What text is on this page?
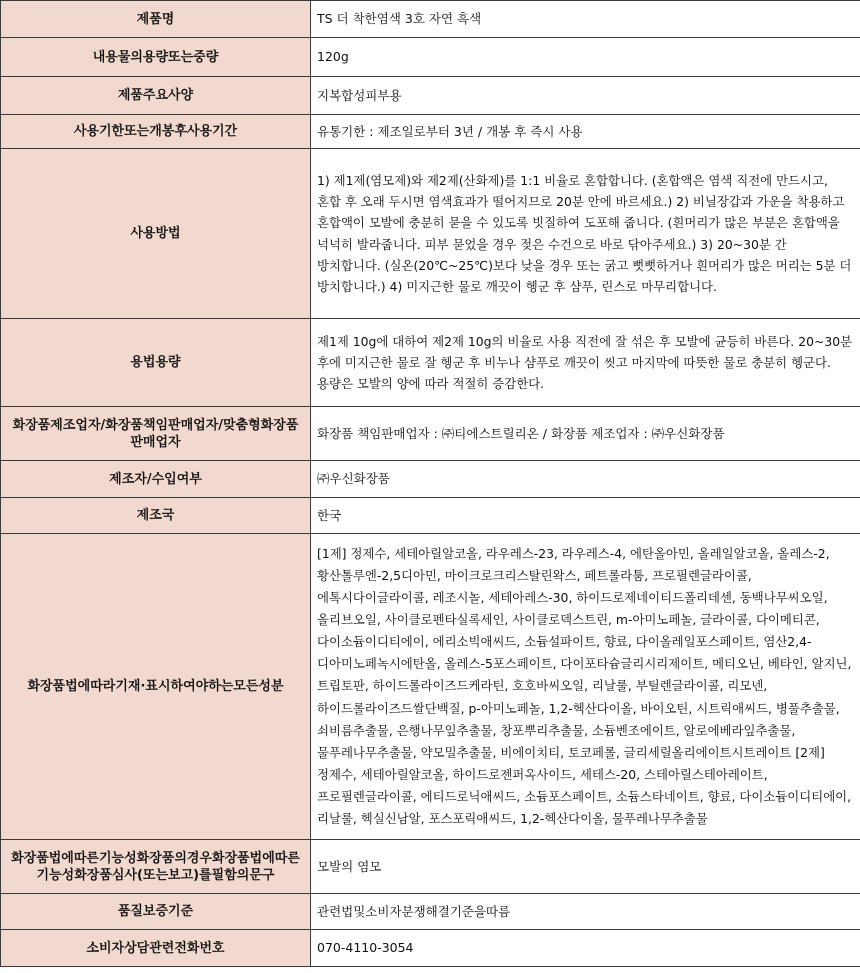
제품명	TS 더 착한염색 3호 자연 흑색
내용물의용량또는중량	120g
제품주요사양	지복합성피부용
사용기한또는개봉후사용기간	유통기한 : 제조일로부터 3년 / 개봉 후 즉시 사용
사용방법	1) 제1제(염모제)와 제2제(산화제)를 1:1 비율로 혼합합니다. (혼합액은 염색 직전에 만드시고, 혼합 후 오래 두시면 염색효과가 떨어지므로 20분 안에 바르세요.) 2) 비닐장갑과 가운을 착용하고 혼합액이 모발에 충분히 묻을 수 있도록 빗질하여 도포해 줍니다. (흰머리가 많은 부분은 혼합액을 넉넉히 발라줍니다. 피부 묻었을 경우 젖은 수건으로 바로 닦아주세요.) 3) 20~30분 간 방치합니다. (실온(20℃~25℃)보다 낮을 경우 또는 굵고 뻣뻣하거나 흰머리가 많은 머리는 5분 더 방치합니다.) 4) 미지근한 물로 깨끗이 헹군 후 샴푸, 린스로 마무리합니다.
용법용량	제1제 10g에 대하여 제2제 10g의 비율로 사용 직전에 잘 섞은 후 모발에 균등히 바른다. 20~30분 후에 미지근한 물로 잘 헹군 후 비누나 샴푸로 깨끗이 씻고 마지막에 따뜻한 물로 충분히 헹군다. 용량은 모발의 양에 따라 적절히 증감한다.
화장품제조업자/화장품책임판매업자/맞춤형화장품판매업자	화장품 책임판매업자 : ㈜티에스트릴리온 / 화장품 제조업자 : ㈜우신화장품
제조자/수입여부	㈜우신화장품
제조국	한국
화장품법에따라기재·표시하여야하는모든성분	[1제] 정제수, 세테아릴알코올, 라우레스-23, 라우레스-4, 에탄올아민, 올레일알코올, 올레스-2, 황산톨루엔-2,5디아민, 마이크로크리스탈린왁스, 페트롤라툼, 프로필렌글라이콜, 에톡시다이글라이콜, 레조시놀, 세테아레스-30, 하이드로제네이티드폴리데센, 동백나무씨오일, 올리브오일, 사이클로펜타실록세인, 사이클로덱스트린, m-아미노페놀, 글라이콜, 다이메티콘, 다이소듐이디티에이, 에리소빅애씨드, 소듐설파이트, 향료, 다이올레일포스페이트, 염산2,4-디아미노페녹시에탄올, 올레스-5포스페이트, 다이포타슘글리시리제이트, 메티오닌, 베타인, 알지닌, 트립토판, 하이드롤라이즈드케라틴, 호호바씨오일, 리날룰, 부틸렌글라이콜, 리모넨, 하이드롤라이즈드쌀단백질, p-아미노페놀, 1,2-헥산다이올, 바이오틴, 시트릭애씨드, 병풀추출물, 쇠비름추출물, 은행나무잎추출물, 창포뿌리추출물, 소듐벤조에이트, 알로에베라잎추출물, 물푸레나무추출물, 약모밀추출물, 비에이치티, 토코페롤, 글리세릴올리에이트시트레이트 [2제] 정제수, 세테아릴알코올, 하이드로젠퍼옥사이드, 세테스-20, 스테아릴스테아레이트, 프로필렌글라이콜, 에티드로닉애씨드, 소듐포스페이트, 소듐스타네이트, 향료, 다이소듐이디티에이, 리날룰, 헥실신남알, 포스포릭애씨드, 1,2-헥산다이올, 물푸레나무추출물
화장품법에따른기능성화장품의경우화장품법에따른기능성화장품심사(또는보고)를필함의문구	모발의 염모
품질보증기준	관련법및소비자분쟁해결기준을따름
소비자상담관련전화번호	070-4110-3054
